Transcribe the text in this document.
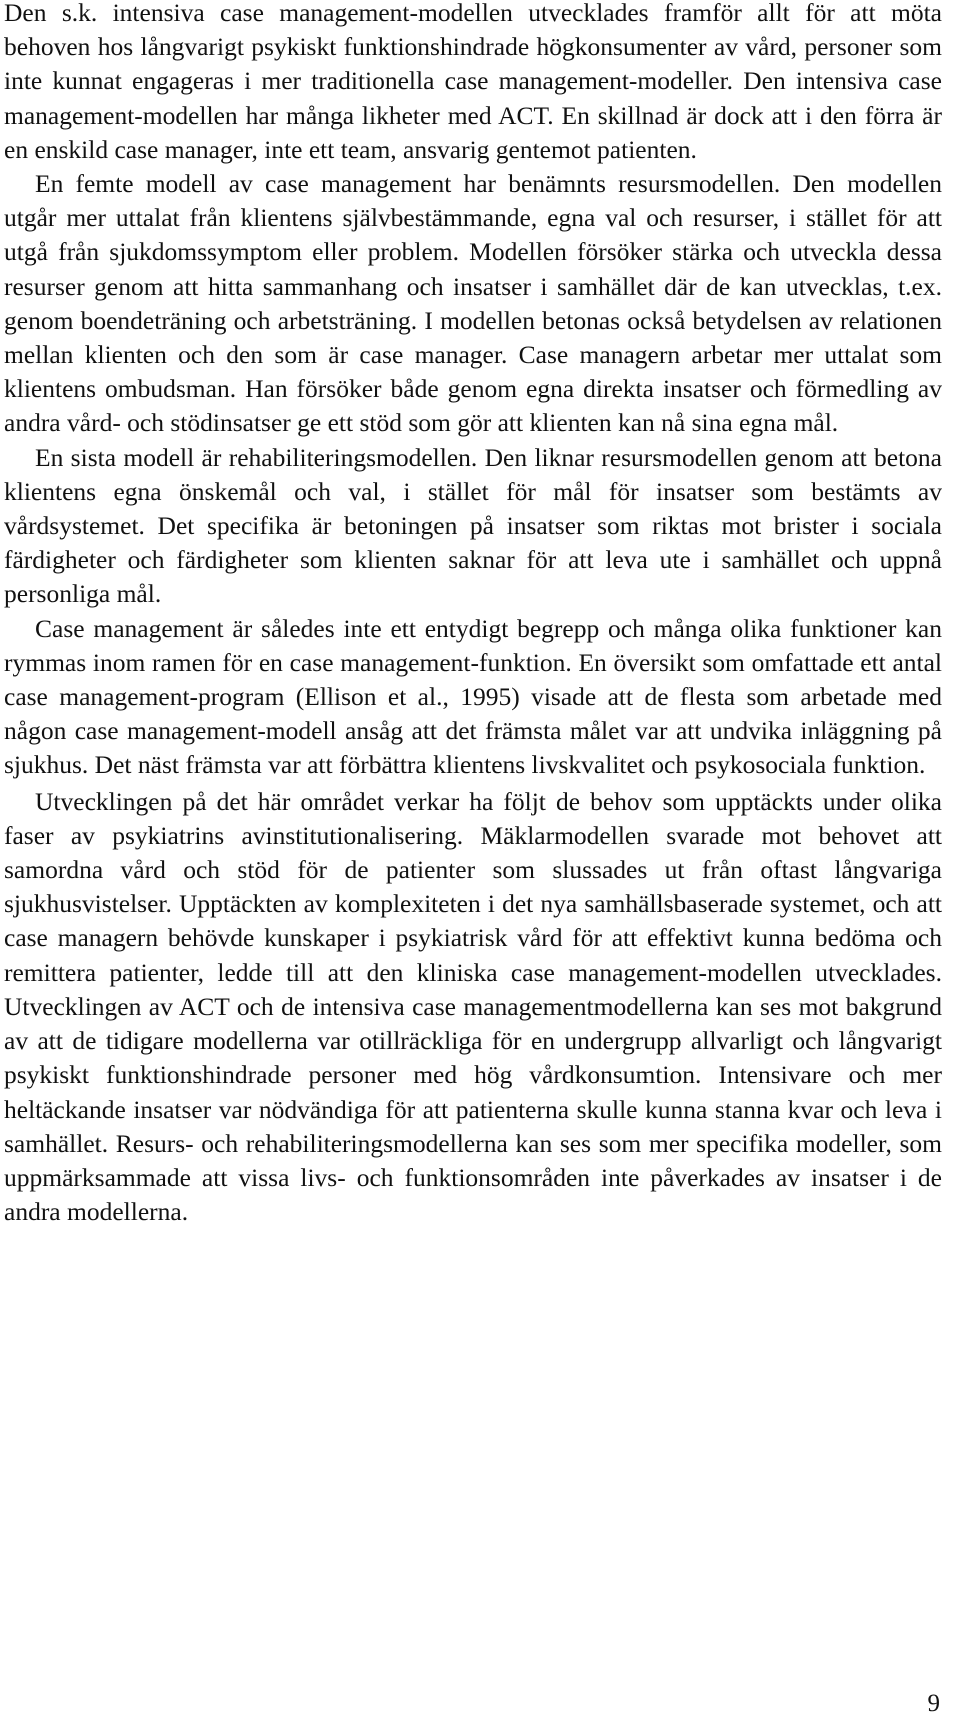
Den s.k. intensiva case management-modellen utvecklades framför allt för att möta behoven hos långvarigt psykiskt funktionshindrade högkonsumenter av vård, personer som inte kunnat engageras i mer traditionella case management-modeller. Den intensiva case management-modellen har många likheter med ACT. En skillnad är dock att i den förra är en enskild case manager, inte ett team, ansvarig gentemot patienten.

En femte modell av case management har benämnts resursmodellen. Den modellen utgår mer uttalat från klientens självbestämmande, egna val och resurser, i stället för att utgå från sjukdomssymptom eller problem. Modellen försöker stärka och utveckla dessa resurser genom att hitta sammanhang och insatser i samhället där de kan utvecklas, t.ex. genom boendeträning och arbetsträning. I modellen betonas också betydelsen av relationen mellan klienten och den som är case manager. Case managern arbetar mer uttalat som klientens ombudsman. Han försöker både genom egna direkta insatser och förmedling av andra vård- och stödinsatser ge ett stöd som gör att klienten kan nå sina egna mål.

En sista modell är rehabiliteringsmodellen. Den liknar resursmodellen genom att betona klientens egna önskemål och val, i stället för mål för insatser som bestämts av vårdsystemet. Det specifika är betoningen på insatser som riktas mot brister i sociala färdigheter och färdigheter som klienten saknar för att leva ute i samhället och uppnå personliga mål.

Case management är således inte ett entydigt begrepp och många olika funktioner kan rymmas inom ramen för en case management-funktion. En översikt som omfattade ett antal case management-program (Ellison et al., 1995) visade att de flesta som arbetade med någon case management-modell ansåg att det främsta målet var att undvika inläggning på sjukhus. Det näst främsta var att förbättra klientens livskvalitet och psykosociala funktion.

Utvecklingen på det här området verkar ha följt de behov som upptäckts under olika faser av psykiatrins avinstitutionalisering. Mäklarmodellen svarade mot behovet att samordna vård och stöd för de patienter som slussades ut från oftast långvariga sjukhusvistelser. Upptäckten av komplexiteten i det nya samhällsbaserade systemet, och att case managern behövde kunskaper i psykiatrisk vård för att effektivt kunna bedöma och remittera patienter, ledde till att den kliniska case management-modellen utvecklades. Utvecklingen av ACT och de intensiva case managementmodellerna kan ses mot bakgrund av att de tidigare modellerna var otillräckliga för en undergrupp allvarligt och långvarigt psykiskt funktionshindrade personer med hög vårdkonsumtion. Intensivare och mer heltäckande insatser var nödvändiga för att patienterna skulle kunna stanna kvar och leva i samhället. Resurs- och rehabiliteringsmodellerna kan ses som mer specifika modeller, som uppmärksammade att vissa livs- och funktionsområden inte påverkades av insatser i de andra modellerna.

9
